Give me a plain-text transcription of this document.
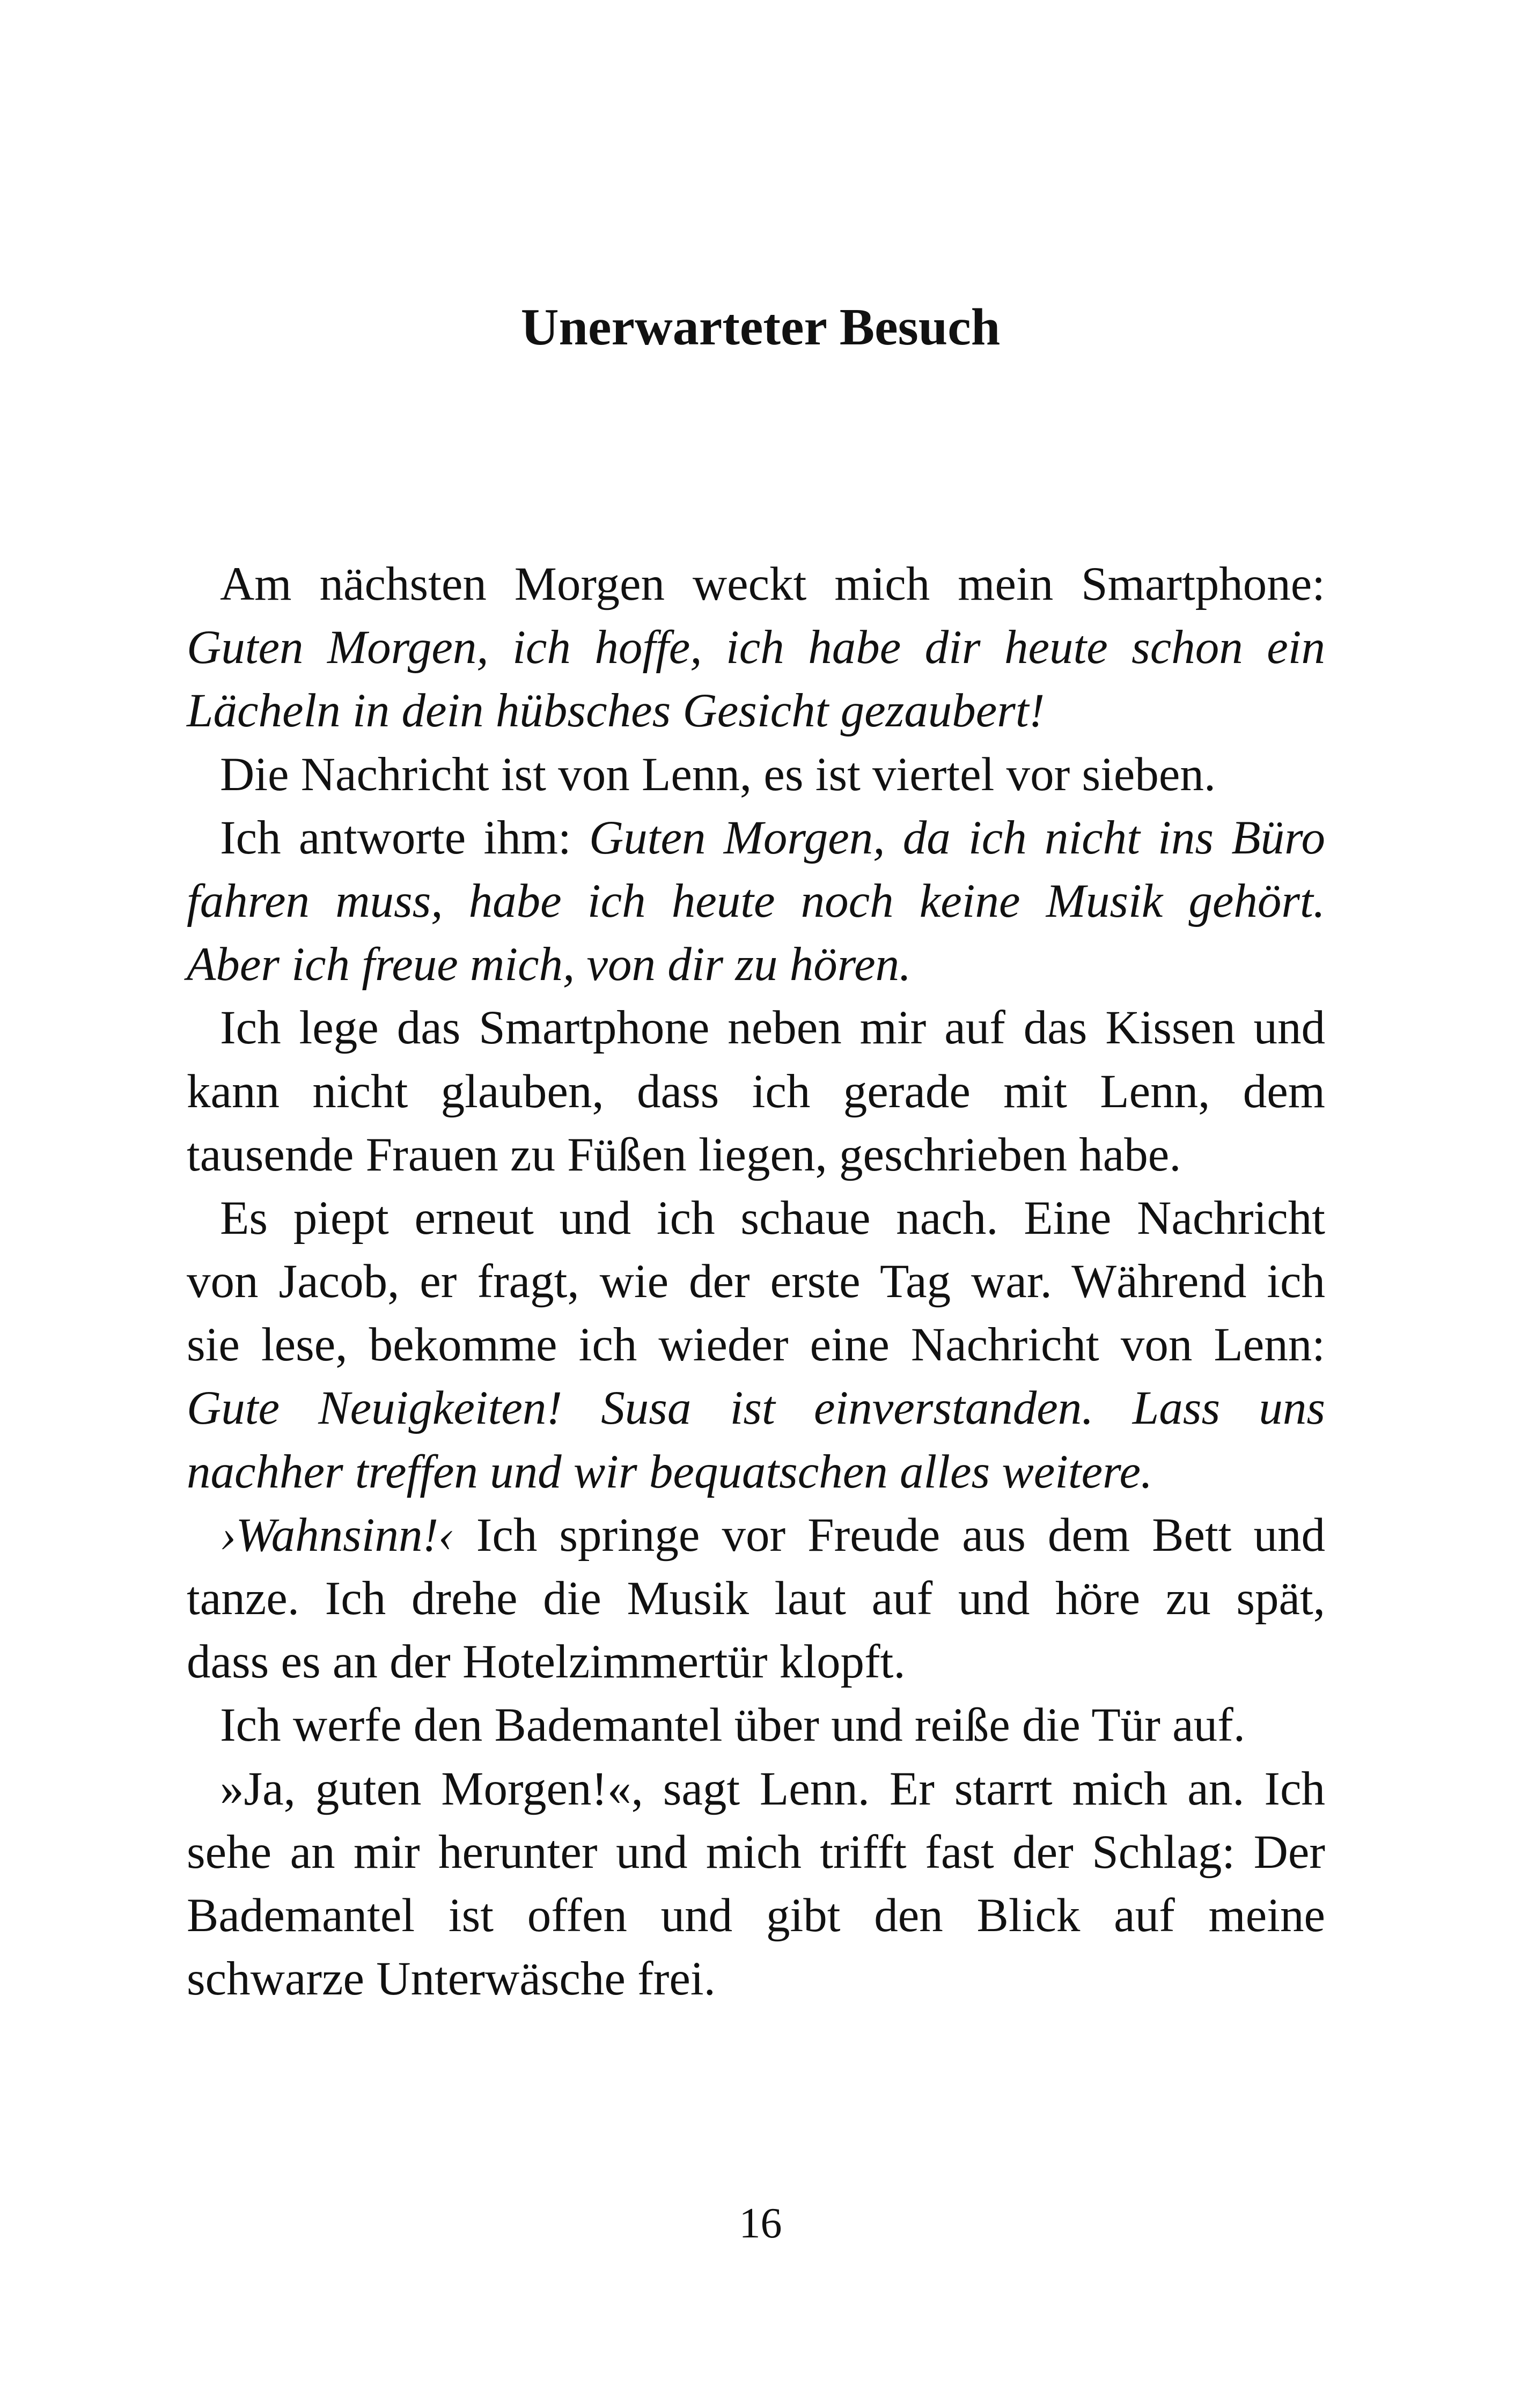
Unerwarteter Besuch
Am nächsten Morgen weckt mich mein Smartphone:
Guten Morgen, ich hoffe, ich habe dir heute schon ein
Lächeln in dein hübsches Gesicht gezaubert!
Die Nachricht ist von Lenn, es ist viertel vor sieben.
Ich antworte ihm: Guten Morgen, da ich nicht ins Büro
fahren muss, habe ich heute noch keine Musik gehört.
Aber ich freue mich, von dir zu hören.
Ich lege das Smartphone neben mir auf das Kissen und
kann nicht glauben, dass ich gerade mit Lenn, dem
tausende Frauen zu Füßen liegen, geschrieben habe.
Es piept erneut und ich schaue nach. Eine Nachricht
von Jacob, er fragt, wie der erste Tag war. Während ich
sie lese, bekomme ich wieder eine Nachricht von Lenn:
Gute Neuigkeiten! Susa ist einverstanden. Lass uns
nachher treffen und wir bequatschen alles weitere.
›Wahnsinn!‹ Ich springe vor Freude aus dem Bett und
tanze. Ich drehe die Musik laut auf und höre zu spät,
dass es an der Hotelzimmertür klopft.
Ich werfe den Bademantel über und reiße die Tür auf.
»Ja, guten Morgen!«, sagt Lenn. Er starrt mich an. Ich
sehe an mir herunter und mich trifft fast der Schlag: Der
Bademantel ist offen und gibt den Blick auf meine
schwarze Unterwäsche frei.
16
